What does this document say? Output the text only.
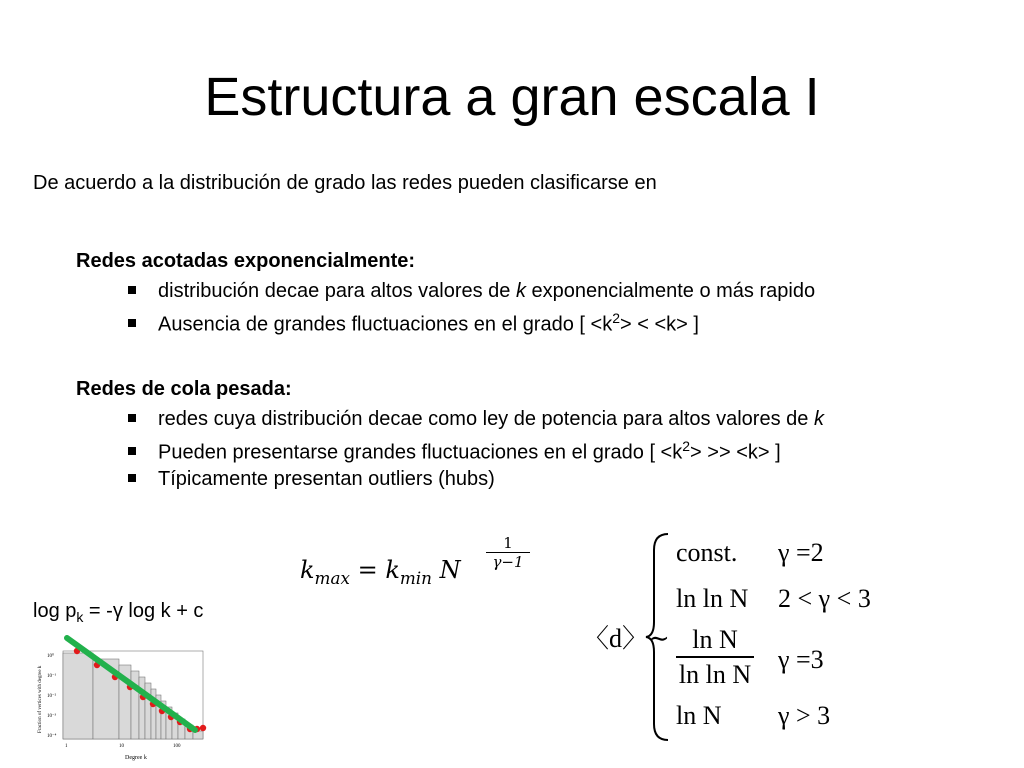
Estructura a gran escala I
De acuerdo a la distribución de grado las redes pueden clasificarse en
Redes acotadas exponencialmente:
distribución decae para altos valores de k exponencialmente o más rapido
Ausencia de grandes fluctuaciones en el grado [ $<k^2> < <k>$ ]
Redes de cola pesada:
redes cuya distribución decae como ley de potencia para altos valores de k
Pueden presentarse grandes fluctuaciones en el grado [ $<k^2> >> <k>$ ]
Típicamente presentan outliers (hubs)
$k_{max} = k_{min}$ N
1
γ−1
$\log p_k = -\gamma$ log k + c
Fraction of vertices with degree k
10⁰
10⁻¹
10⁻²
10⁻³
10⁻⁴
1	10	100
Degree k
〈d〉∼
const. γ =2
ln ln N 2 < γ < 3
ln N
ln ln N
γ =3
ln N γ > 3
